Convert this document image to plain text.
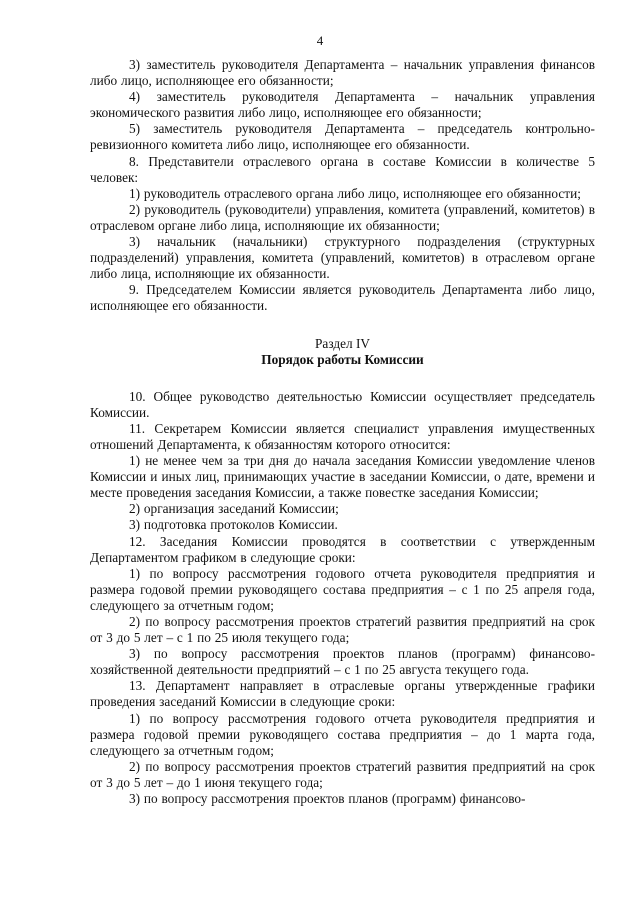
4

3) заместитель руководителя Департамента – начальник управления финансов либо лицо, исполняющее его обязанности;

4) заместитель руководителя Департамента – начальник управления экономического развития либо лицо, исполняющее его обязанности;

5) заместитель руководителя Департамента – председатель контрольно-ревизионного комитета либо лицо, исполняющее его обязанности.

8. Представители отраслевого органа в составе Комиссии в количестве 5 человек:

1) руководитель отраслевого органа либо лицо, исполняющее его обязанности;

2) руководитель (руководители) управления, комитета (управлений, комитетов) в отраслевом органе либо лица, исполняющие их обязанности;

3) начальник (начальники) структурного подразделения (структурных подразделений) управления, комитета (управлений, комитетов) в отраслевом органе либо лица, исполняющие их обязанности.

9. Председателем Комиссии является руководитель Департамента либо лицо, исполняющее его обязанности.

Раздел IV
Порядок работы Комиссии

10. Общее руководство деятельностью Комиссии осуществляет председатель Комиссии.

11. Секретарем Комиссии является специалист управления имущественных отношений Департамента, к обязанностям которого относится:

1) не менее чем за три дня до начала заседания Комиссии уведомление членов Комиссии и иных лиц, принимающих участие в заседании Комиссии, о дате, времени и месте проведения заседания Комиссии, а также повестке заседания Комиссии;

2) организация заседаний Комиссии;

3) подготовка протоколов Комиссии.

12. Заседания Комиссии проводятся в соответствии с утвержденным Департаментом графиком в следующие сроки:

1) по вопросу рассмотрения годового отчета руководителя предприятия и размера годовой премии руководящего состава предприятия – с 1 по 25 апреля года, следующего за отчетным годом;

2) по вопросу рассмотрения проектов стратегий развития предприятий на срок от 3 до 5 лет – с 1 по 25 июля текущего года;

3) по вопросу рассмотрения проектов планов (программ) финансово-хозяйственной деятельности предприятий – с 1 по 25 августа текущего года.

13. Департамент направляет в отраслевые органы утвержденные графики проведения заседаний Комиссии в следующие сроки:

1) по вопросу рассмотрения годового отчета руководителя предприятия и размера годовой премии руководящего состава предприятия – до 1 марта года, следующего за отчетным годом;

2) по вопросу рассмотрения проектов стратегий развития предприятий на срок от 3 до 5 лет – до 1 июня текущего года;

3) по вопросу рассмотрения проектов планов (программ) финансово-
